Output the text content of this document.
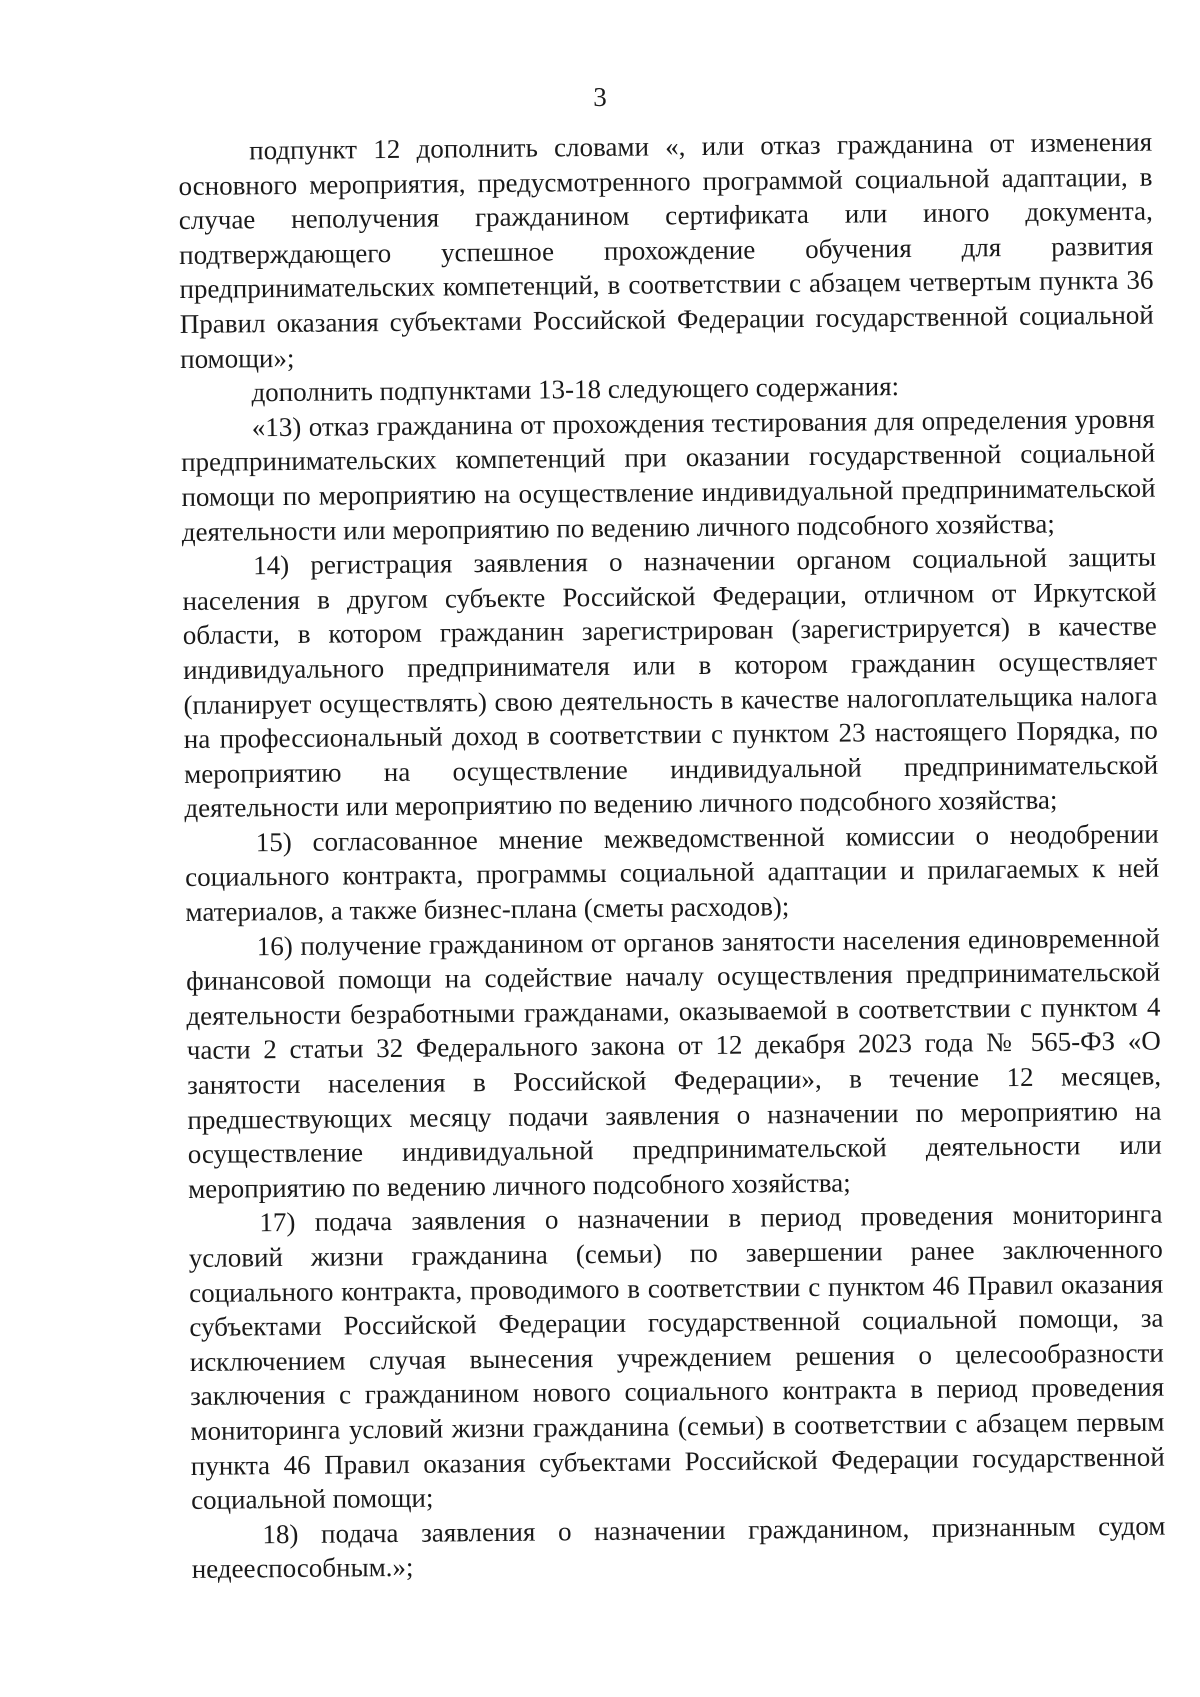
3

подпункт 12 дополнить словами «, или отказ гражданина от изменения основного мероприятия, предусмотренного программой социальной адаптации, в случае неполучения гражданином сертификата или иного документа, подтверждающего успешное прохождение обучения для развития предпринимательских компетенций, в соответствии с абзацем четвертым пункта 36 Правил оказания субъектами Российской Федерации государственной социальной помощи»;

дополнить подпунктами 13-18 следующего содержания:

«13) отказ гражданина от прохождения тестирования для определения уровня предпринимательских компетенций при оказании государственной социальной помощи по мероприятию на осуществление индивидуальной предпринимательской деятельности или мероприятию по ведению личного подсобного хозяйства;

14) регистрация заявления о назначении органом социальной защиты населения в другом субъекте Российской Федерации, отличном от Иркутской области, в котором гражданин зарегистрирован (зарегистрируется) в качестве индивидуального предпринимателя или в котором гражданин осуществляет (планирует осуществлять) свою деятельность в качестве налогоплательщика налога на профессиональный доход в соответствии с пунктом 23 настоящего Порядка, по мероприятию на осуществление индивидуальной предпринимательской деятельности или мероприятию по ведению личного подсобного хозяйства;

15) согласованное мнение межведомственной комиссии о неодобрении социального контракта, программы социальной адаптации и прилагаемых к ней материалов, а также бизнес-плана (сметы расходов);

16) получение гражданином от органов занятости населения единовременной финансовой помощи на содействие началу осуществления предпринимательской деятельности безработными гражданами, оказываемой в соответствии с пунктом 4 части 2 статьи 32 Федерального закона от 12 декабря 2023 года № 565-ФЗ «О занятости населения в Российской Федерации», в течение 12 месяцев, предшествующих месяцу подачи заявления о назначении по мероприятию на осуществление индивидуальной предпринимательской деятельности или мероприятию по ведению личного подсобного хозяйства;

17) подача заявления о назначении в период проведения мониторинга условий жизни гражданина (семьи) по завершении ранее заключенного социального контракта, проводимого в соответствии с пунктом 46 Правил оказания субъектами Российской Федерации государственной социальной помощи, за исключением случая вынесения учреждением решения о целесообразности заключения с гражданином нового социального контракта в период проведения мониторинга условий жизни гражданина (семьи) в соответствии с абзацем первым пункта 46 Правил оказания субъектами Российской Федерации государственной социальной помощи;

18) подача заявления о назначении гражданином, признанным судом недееспособным.»;
